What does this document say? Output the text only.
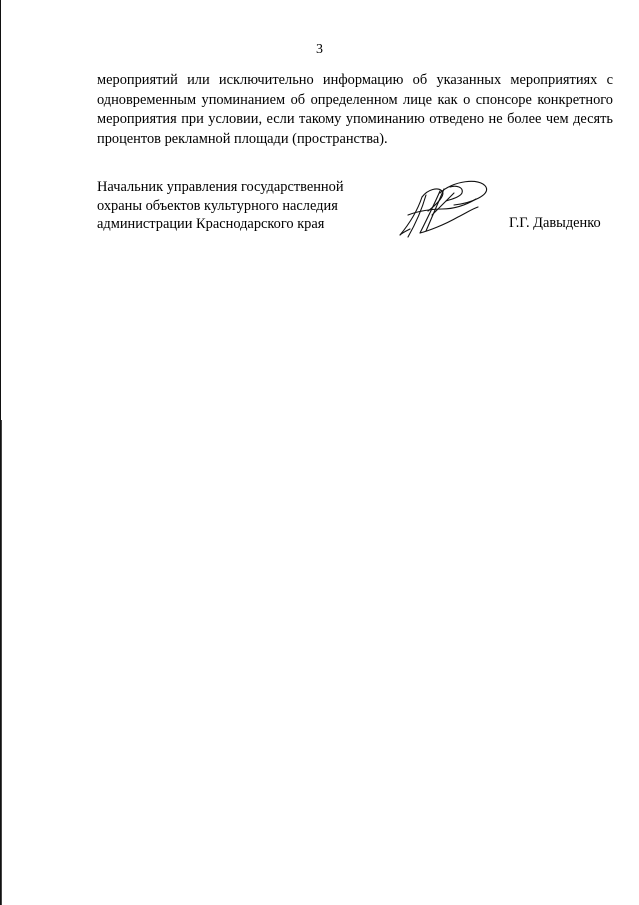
3
мероприятий или исключительно информацию об указанных мероприятиях с одновременным упоминанием об определенном лице как о спонсоре конкретного мероприятия при условии, если такому упоминанию отведено не более чем десять процентов рекламной площади (пространства).
Начальник управления государственной
охраны объектов культурного наследия
администрации Краснодарского края	Г.Г. Давыденко
